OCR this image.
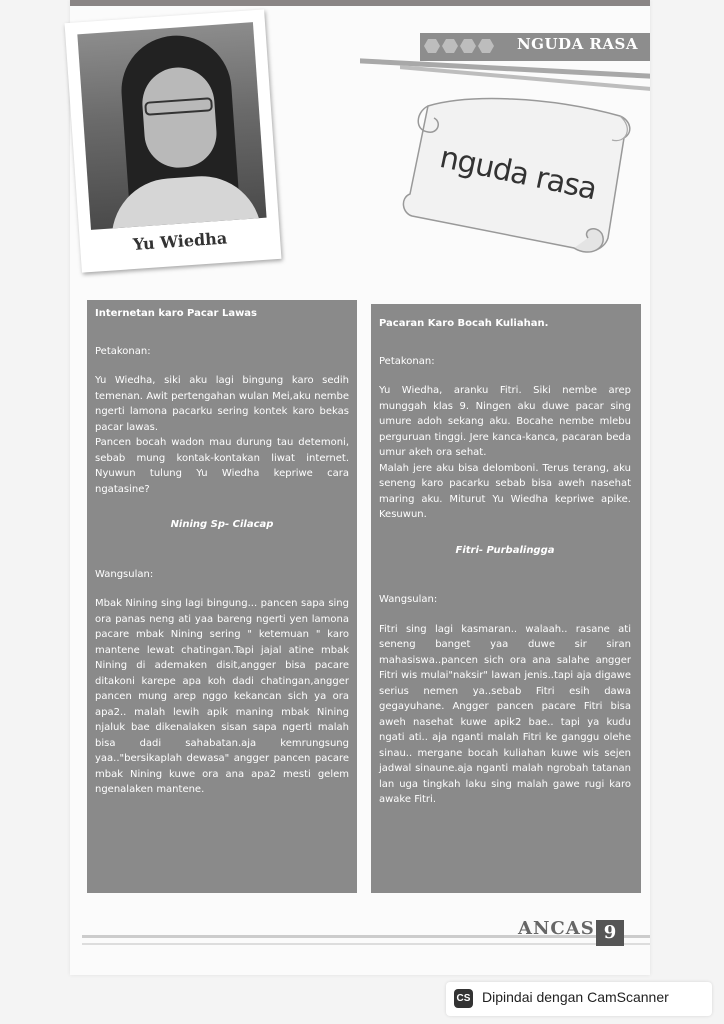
NGUDA RASA
Yu Wiedha
nguda rasa
Internetan karo Pacar Lawas

Petakonan:

Yu Wiedha, siki aku lagi bingung karo sedih temenan. Awit pertengahan wulan Mei,aku nembe ngerti lamona pacarku sering kontek karo bekas pacar lawas.

Pancen bocah wadon mau durung tau detemoni, sebab mung kontak-kontakan liwat internet. Nyuwun tulung Yu Wiedha kepriwe cara ngatasine?

Nining Sp- Cilacap

Wangsulan:

Mbak Nining sing lagi bingung... pancen sapa sing ora panas neng ati yaa bareng ngerti yen lamona pacare mbak Nining sering " ketemuan " karo mantene lewat chatingan.Tapi jajal atine mbak Nining di ademaken disit,angger bisa pacare ditakoni karepe apa koh dadi chatingan,angger pancen mung arep nggo kekancan sich ya ora apa2.. malah lewih apik maning mbak Nining njaluk bae dikenalaken sisan sapa ngerti malah bisa dadi sahabatan.aja kemrungsung yaa.."bersikaplah dewasa" angger pancen pacare mbak Nining kuwe ora ana apa2 mesti gelem ngenalaken mantene.

Pacaran Karo Bocah Kuliahan.

Petakonan:

Yu Wiedha, aranku Fitri. Siki nembe arep munggah klas 9. Ningen aku duwe pacar sing umure adoh sekang aku. Bocahe nembe mlebu perguruan tinggi. Jere kanca-kanca, pacaran beda umur akeh ora sehat.

Malah jere aku bisa delomboni. Terus terang, aku seneng karo pacarku sebab bisa aweh nasehat maring aku. Miturut Yu Wiedha kepriwe apike. Kesuwun.

Fitri- Purbalingga

Wangsulan:

Fitri sing lagi kasmaran.. walaah.. rasane ati seneng banget yaa duwe sir siran mahasiswa..pancen sich ora ana salahe angger Fitri wis mulai"naksir" lawan jenis..tapi aja digawe serius nemen ya..sebab Fitri esih dawa gegayuhane. Angger pancen pacare Fitri bisa aweh nasehat kuwe apik2 bae.. tapi ya kudu ngati ati.. aja nganti malah Fitri ke ganggu olehe sinau.. mergane bocah kuliahan kuwe wis sejen jadwal sinaune.aja nganti malah ngrobah tatanan lan uga tingkah laku sing malah gawe rugi karo awake Fitri.

ANCAS 9
CS Dipindai dengan CamScanner
